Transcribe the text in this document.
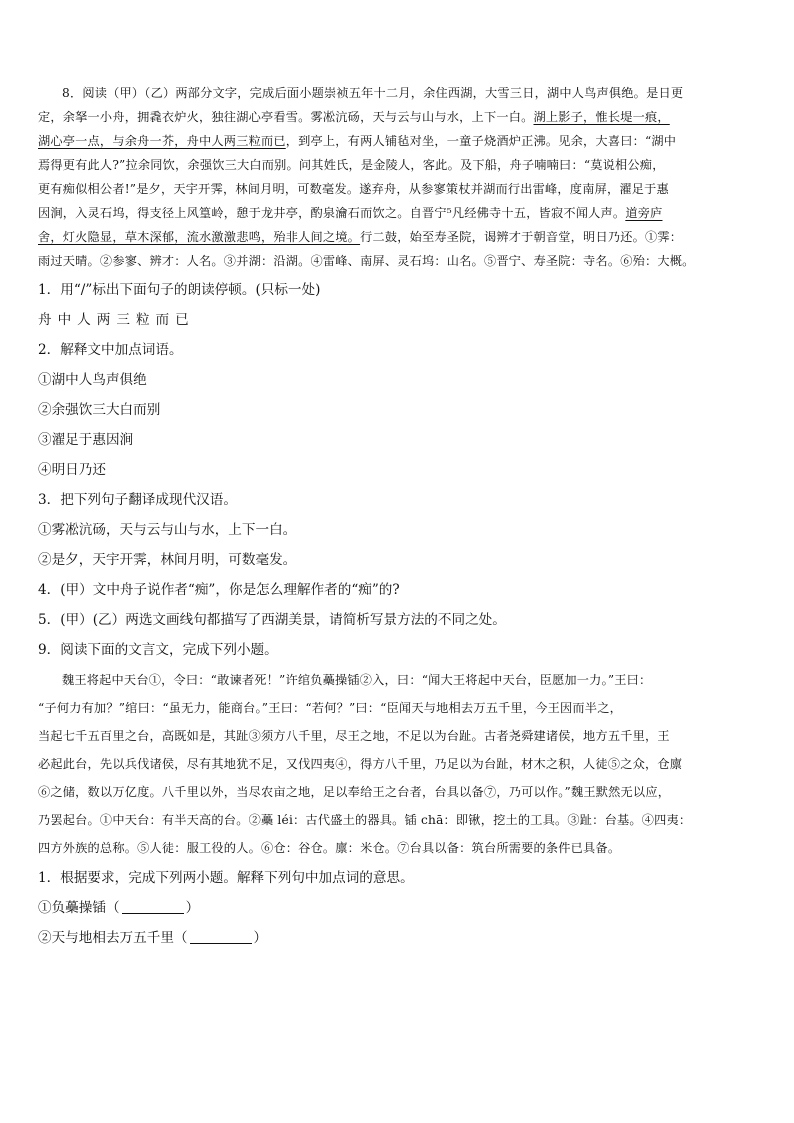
8．阅读（甲）（乙）两部分文字，完成后面小题崇祯五年十二月，余住西湖，大雪三日，湖中人鸟声俱绝。是日更
定，余拏一小舟，拥毳衣炉火，独往湖心亭看雪。雾凇沆砀，天与云与山与水，上下一白。湖上影子，惟长堤一痕，
湖心亭一点，与余舟一芥，舟中人两三粒而已，到亭上，有两人铺毡对坐，一童子烧酒炉正沸。见余，大喜曰：“湖中
焉得更有此人?”拉余同饮，余强饮三大白而别。问其姓氏，是金陵人，客此。及下船，舟子喃喃曰：“莫说相公痴，
更有痴似相公者!”是夕，天宇开霁，林间月明，可数毫发。遂弃舟，从参寥策杖并湖而行出雷峰，度南屏，濯足于惠
因涧，入灵石坞，得支径上风篁岭，憩于龙井亭，酌泉瀹石而饮之。自晋宁⁵凡经佛寺十五，皆寂不闻人声。道旁庐
舍，灯火隐显，草木深郁，流水激激悲鸣，殆非人间之境。行二鼓，始至寿圣院，谒辨才于朝音堂，明日乃还。①霁：
雨过天晴。②参寥、辨才：人名。③并湖：沿湖。④雷峰、南屏、灵石坞：山名。⑤晋宁、寿圣院：寺名。⑥殆：大概。
1．用“/”标出下面句子的朗读停顿。(只标一处)
舟中人两三粒而已
2．解释文中加点词语。
①湖中人鸟声俱绝
②余强饮三大白而别
③濯足于惠因涧
④明日乃还
3．把下列句子翻译成现代汉语。
①雾凇沆砀，天与云与山与水，上下一白。
②是夕，天宇开霁，林间月明，可数毫发。
4．(甲）文中舟子说作者“痴”，你是怎么理解作者的“痴”的?
5．(甲）(乙）两选文画线句都描写了西湖美景，请简析写景方法的不同之处。
9．阅读下面的文言文，完成下列小题。
魏王将起中天台①，令曰：“敢谏者死！”许绾负蘽操锸②入，曰：“闻大王将起中天台，臣愿加一力。”王曰：
“子何力有加？”绾曰：“虽无力，能商台。”王曰：“若何？”曰：“臣闻天与地相去万五千里，今王因而半之，
当起七千五百里之台，高既如是，其趾③须方八千里，尽王之地，不足以为台趾。古者尧舜建诸侯，地方五千里，王
必起此台，先以兵伐诸侯，尽有其地犹不足，又伐四夷④，得方八千里，乃足以为台趾，材木之积，人徒⑤之众，仓廪
⑥之储，数以万亿度。八千里以外，当尽农亩之地，足以奉给王之台者，台具以备⑦，乃可以作。”魏王默然无以应，
乃罢起台。①中天台：有半天高的台。②蘽 léi：古代盛土的器具。锸 chā：即锹，挖土的工具。③趾：台基。④四夷：
四方外族的总称。⑤人徒：服工役的人。⑥仓：谷仓。廪：米仓。⑦台具以备：筑台所需要的条件已具备。
1．根据要求，完成下列两小题。解释下列句中加点词的意思。
①负蘽操锸（	）
②天与地相去万五千里（	）
